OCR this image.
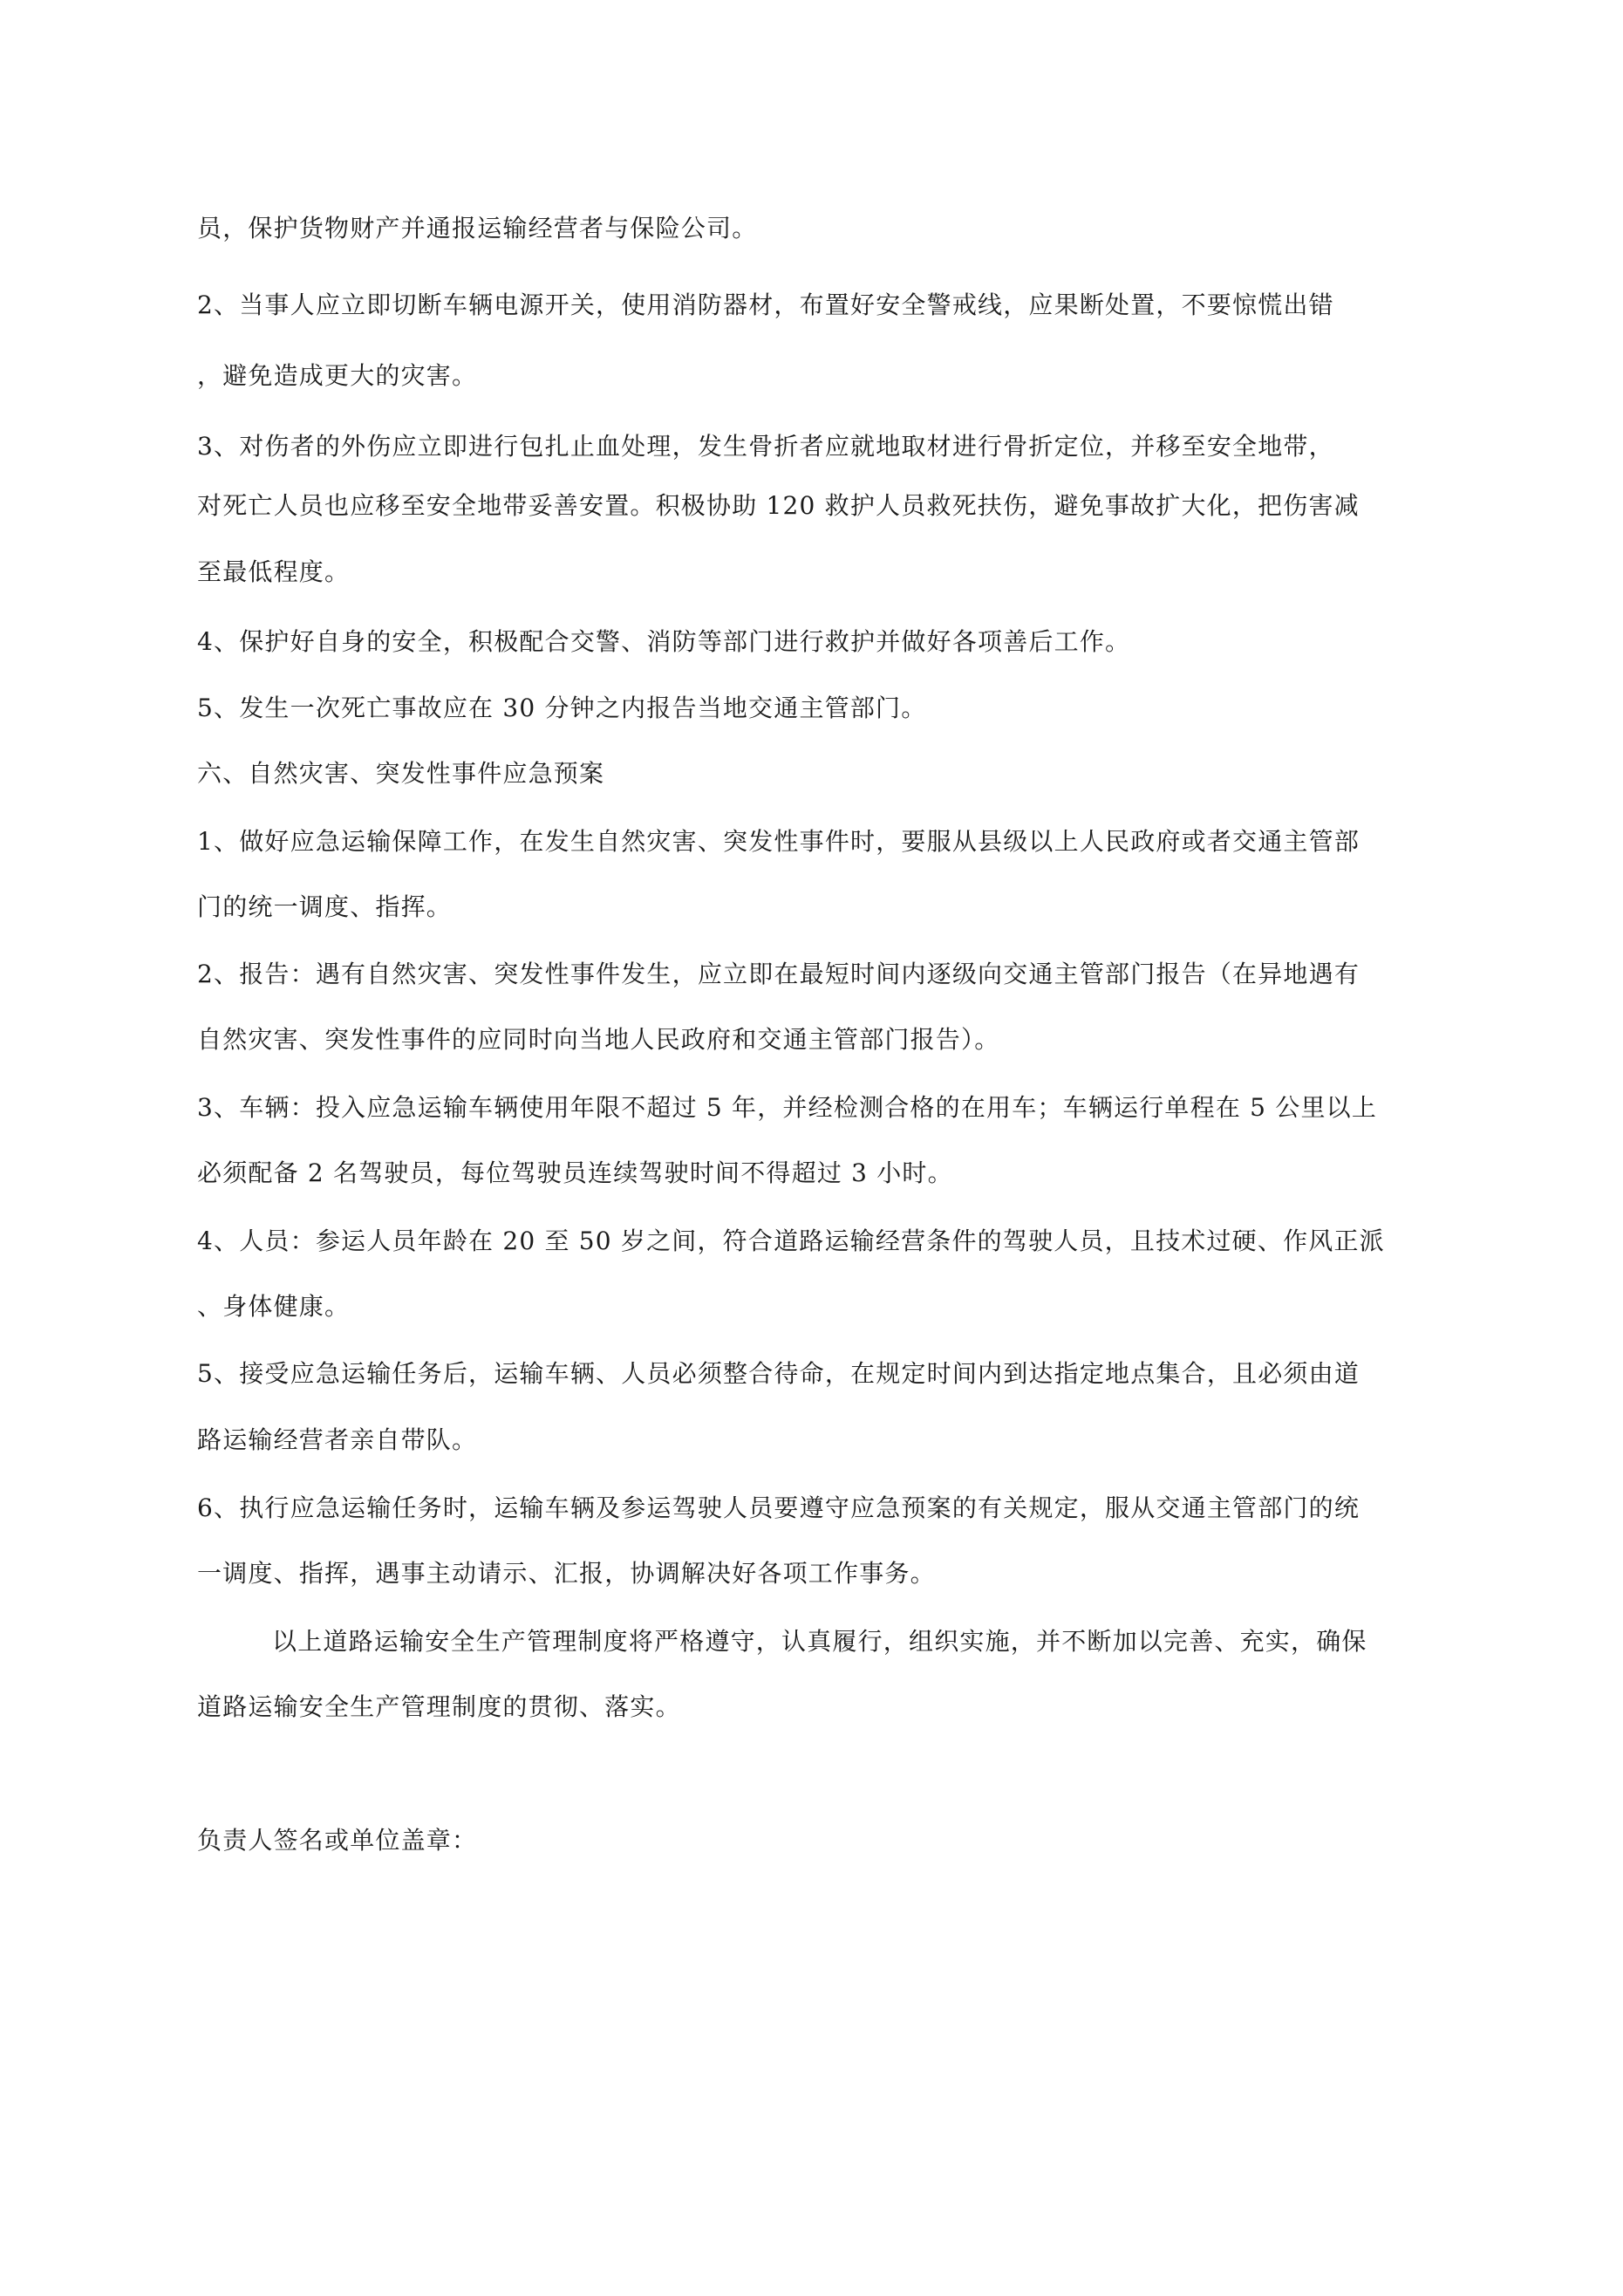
员，保护货物财产并通报运输经营者与保险公司。
2、当事人应立即切断车辆电源开关，使用消防器材，布置好安全警戒线，应果断处置，不要惊慌出错
，避免造成更大的灾害。
3、对伤者的外伤应立即进行包扎止血处理，发生骨折者应就地取材进行骨折定位，并移至安全地带，
对死亡人员也应移至安全地带妥善安置。积极协助 120 救护人员救死扶伤，避免事故扩大化，把伤害减
至最低程度。
4、保护好自身的安全，积极配合交警、消防等部门进行救护并做好各项善后工作。
5、发生一次死亡事故应在 30 分钟之内报告当地交通主管部门。
六、自然灾害、突发性事件应急预案
1、做好应急运输保障工作，在发生自然灾害、突发性事件时，要服从县级以上人民政府或者交通主管部
门的统一调度、指挥。
2、报告：遇有自然灾害、突发性事件发生，应立即在最短时间内逐级向交通主管部门报告（在异地遇有
自然灾害、突发性事件的应同时向当地人民政府和交通主管部门报告）。
3、车辆：投入应急运输车辆使用年限不超过 5 年，并经检测合格的在用车；车辆运行单程在 5 公里以上
必须配备 2 名驾驶员，每位驾驶员连续驾驶时间不得超过 3 小时。
4、人员：参运人员年龄在 20 至 50 岁之间，符合道路运输经营条件的驾驶人员，且技术过硬、作风正派
、身体健康。
5、接受应急运输任务后，运输车辆、人员必须整合待命，在规定时间内到达指定地点集合，且必须由道
路运输经营者亲自带队。
6、执行应急运输任务时，运输车辆及参运驾驶人员要遵守应急预案的有关规定，服从交通主管部门的统
一调度、指挥，遇事主动请示、汇报，协调解决好各项工作事务。
以上道路运输安全生产管理制度将严格遵守，认真履行，组织实施，并不断加以完善、充实，确保
道路运输安全生产管理制度的贯彻、落实。
负责人签名或单位盖章：
